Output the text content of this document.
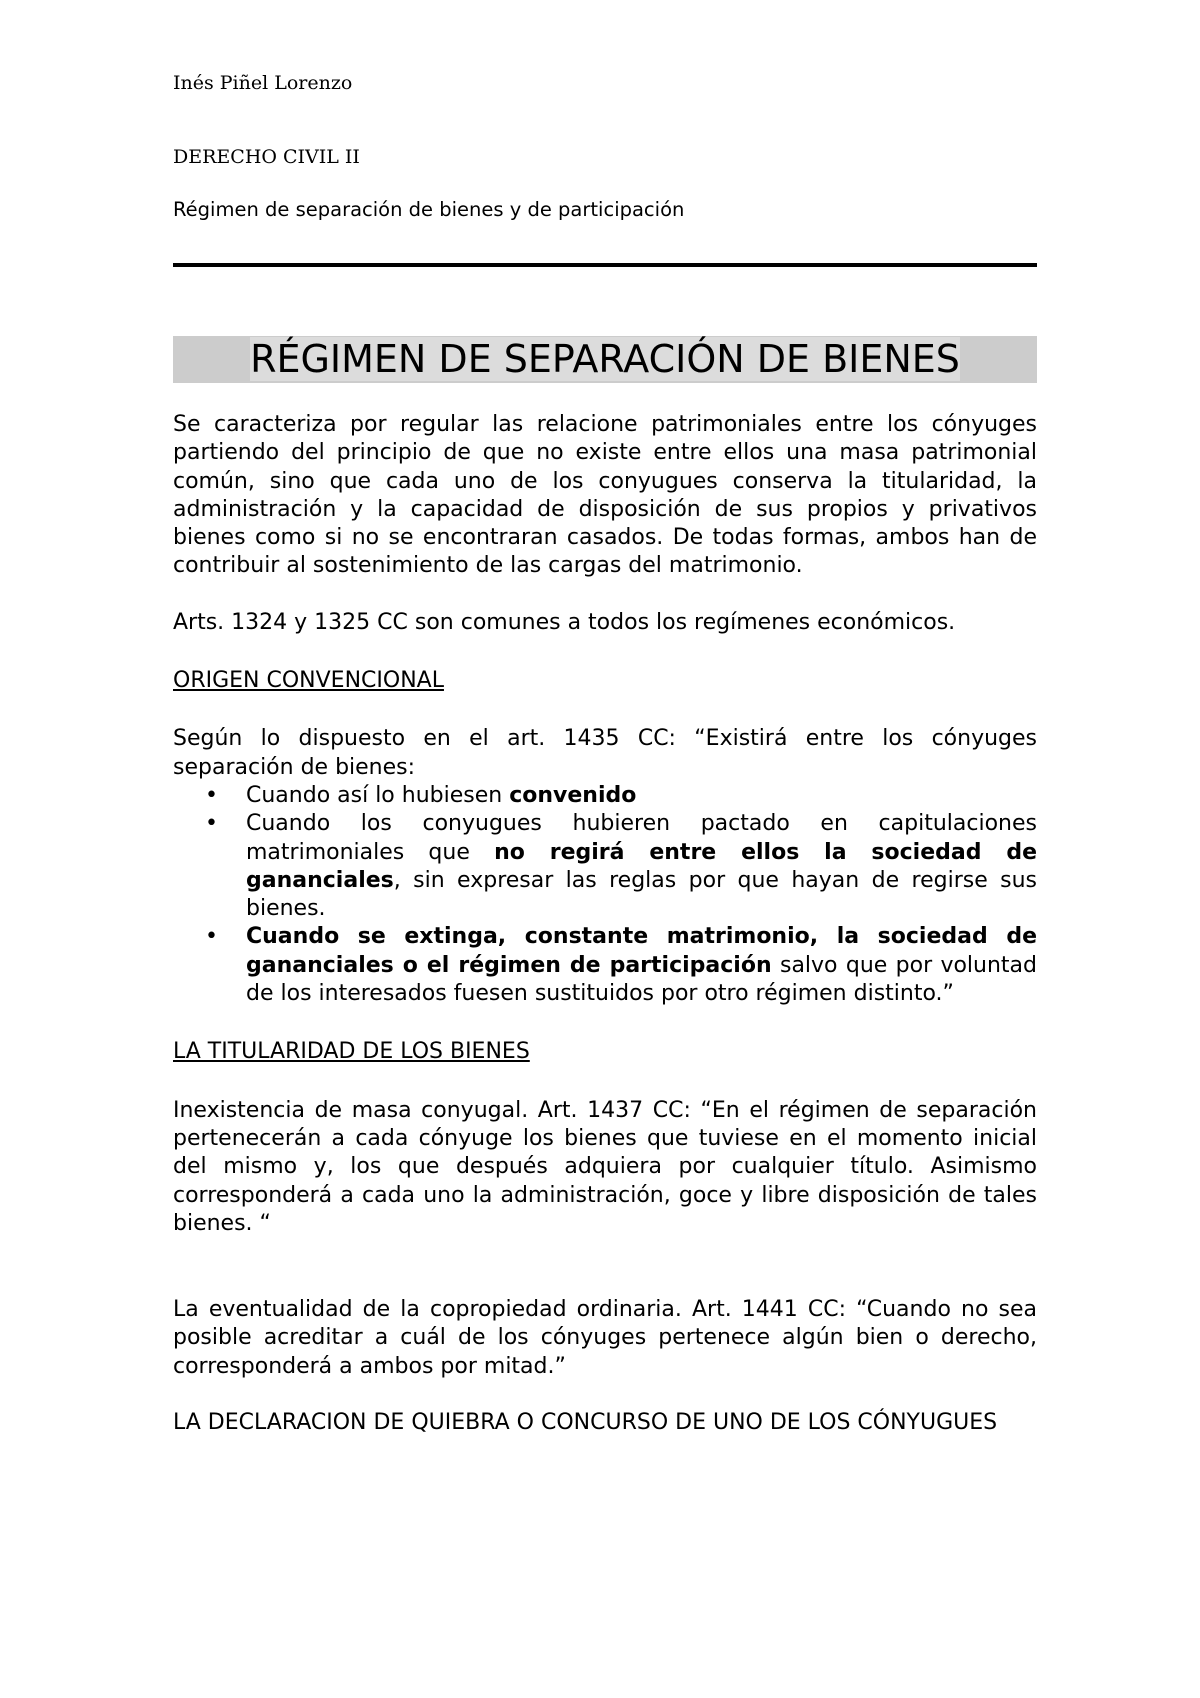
Inés Piñel Lorenzo
DERECHO CIVIL II
Régimen de separación de bienes y de participación
RÉGIMEN DE SEPARACIÓN DE BIENES

Se caracteriza por regular las relacione patrimoniales entre los cónyuges partiendo del principio de que no existe entre ellos una masa patrimonial común, sino que cada uno de los conyugues conserva la titularidad, la administración y la capacidad de disposición de sus propios y privativos bienes como si no se encontraran casados. De todas formas, ambos han de contribuir al sostenimiento de las cargas del matrimonio.

Arts. 1324 y 1325 CC son comunes a todos los regímenes económicos.

ORIGEN CONVENCIONAL

Según lo dispuesto en el art. 1435 CC: “Existirá entre los cónyuges separación de bienes:

• Cuando así lo hubiesen convenido
• Cuando los conyugues hubieren pactado en capitulaciones matrimoniales que no regirá entre ellos la sociedad de gananciales, sin expresar las reglas por que hayan de regirse sus bienes.
• Cuando se extinga, constante matrimonio, la sociedad de gananciales o el régimen de participación salvo que por voluntad de los interesados fuesen sustituidos por otro régimen distinto.”

LA TITULARIDAD DE LOS BIENES

Inexistencia de masa conyugal. Art. 1437 CC: “En el régimen de separación pertenecerán a cada cónyuge los bienes que tuviese en el momento inicial del mismo y, los que después adquiera por cualquier título. Asimismo corresponderá a cada uno la administración, goce y libre disposición de tales bienes. “

La eventualidad de la copropiedad ordinaria. Art. 1441 CC: “Cuando no sea posible acreditar a cuál de los cónyuges pertenece algún bien o derecho, corresponderá a ambos por mitad.”

LA DECLARACION DE QUIEBRA O CONCURSO DE UNO DE LOS CÓNYUGUES
